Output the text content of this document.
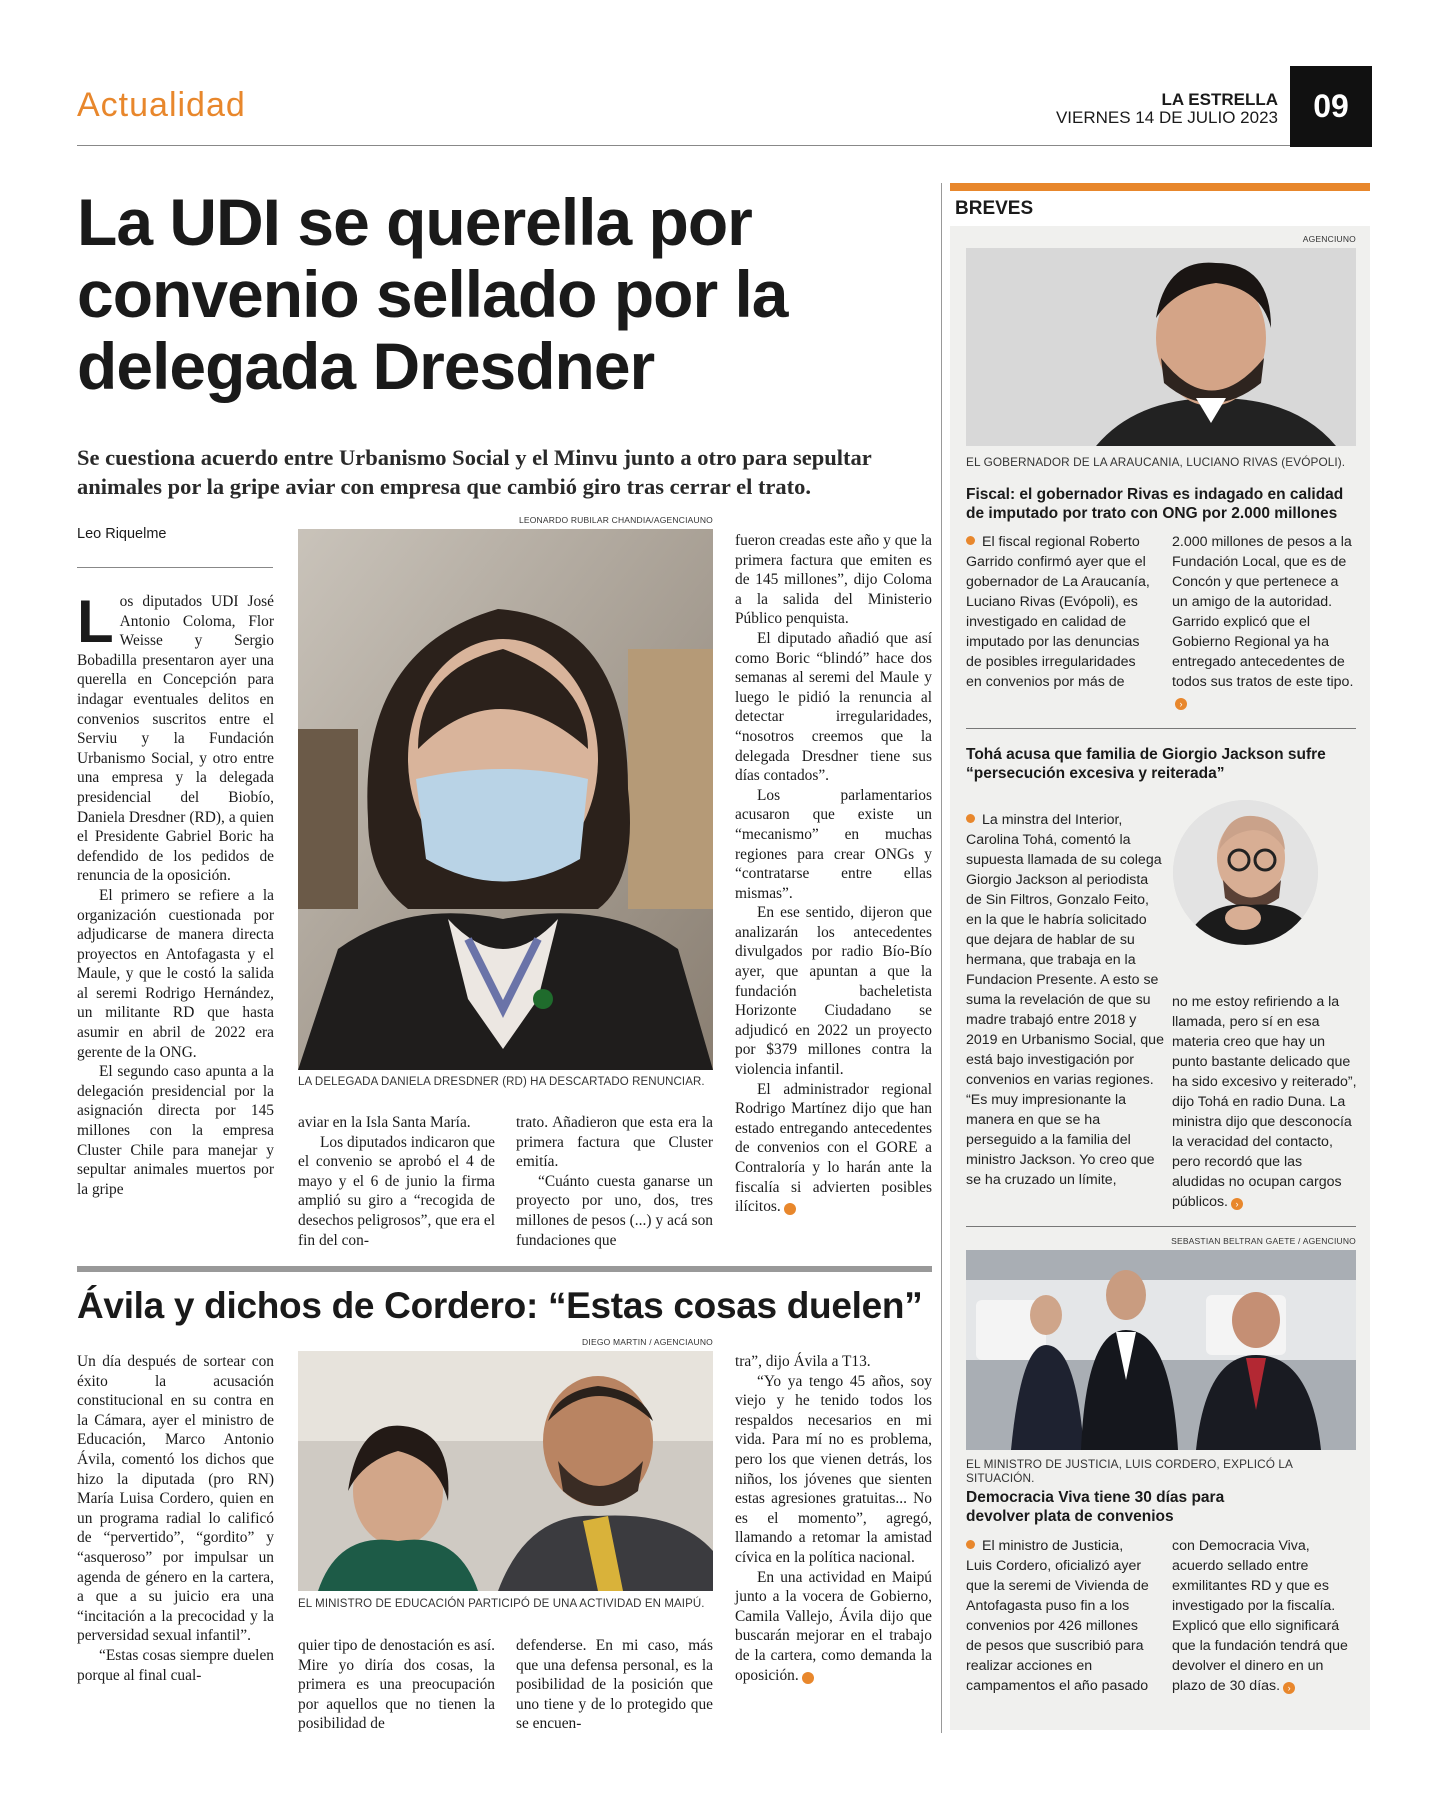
Actualidad	LA ESTRELLA
VIERNES 14 DE JULIO 2023	09
La UDI se querella por convenio sellado por la delegada Dresdner
Se cuestiona acuerdo entre Urbanismo Social y el Minvu junto a otro para sepultar animales por la gripe aviar con empresa que cambió giro tras cerrar el trato.
Leo Riquelme

Los diputados UDI José Antonio Coloma, Flor Weisse y Sergio Bobadilla presentaron ayer una querella en Concepción para indagar eventuales delitos en convenios suscritos entre el Serviu y la Fundación Urbanismo Social, y otro entre una empresa y la delegada presidencial del Biobío, Daniela Dresdner (RD), a quien el Presidente Gabriel Boric ha defendido de los pedidos de renuncia de la oposición.

El primero se refiere a la organización cuestionada por adjudicarse de manera directa proyectos en Antofagasta y el Maule, y que le costó la salida al seremi Rodrigo Hernández, un militante RD que hasta asumir en abril de 2022 era gerente de la ONG.

El segundo caso apunta a la delegación presidencial por la asignación directa por 145 millones con la empresa Cluster Chile para manejar y sepultar animales muertos por la gripe

LEONARDO RUBILAR CHANDIA/AGENCIAUNO
LA DELEGADA DANIELA DRESDNER (RD) HA DESCARTADO RENUNCIAR.

aviar en la Isla Santa María.

Los diputados indicaron que el convenio se aprobó el 4 de mayo y el 6 de junio la firma amplió su giro a “recogida de desechos peligrosos”, que era el fin del con-

trato. Añadieron que esta era la primera factura que Cluster emitía.

“Cuánto cuesta ganarse un proyecto por uno, dos, tres millones de pesos (...) y acá son fundaciones que

fueron creadas este año y que la primera factura que emiten es de 145 millones”, dijo Coloma a la salida del Ministerio Público penquista.

El diputado añadió que así como Boric “blindó” hace dos semanas al seremi del Maule y luego le pidió la renuncia al detectar irregularidades, “nosotros creemos que la delegada Dresdner tiene sus días contados”.

Los parlamentarios acusaron que existe un “mecanismo” en muchas regiones para crear ONGs y “contratarse entre ellas mismas”.

En ese sentido, dijeron que analizarán los antecedentes divulgados por radio Bío-Bío ayer, que apuntan a que la fundación bacheletista Horizonte Ciudadano se adjudicó en 2022 un proyecto por $379 millones contra la violencia infantil.

El administrador regional Rodrigo Martínez dijo que han estado entregando antecedentes de convenios con el GORE a Contraloría y lo harán ante la fiscalía si advierten posibles ilícitos.	›

Ávila y dichos de Cordero: “Estas cosas duelen”

Un día después de sortear con éxito la acusación constitucional en su contra en la Cámara, ayer el ministro de Educación, Marco Antonio Ávila, comentó los dichos que hizo la diputada (pro RN) María Luisa Cordero, quien en un programa radial lo calificó de “pervertido”, “gordito” y “asqueroso” por impulsar un agenda de género en la cartera, a que a su juicio era una “incitación a la precocidad y la perversidad sexual infantil”.

“Estas cosas siempre duelen porque al final cual-

DIEGO MARTIN / AGENCIAUNO
EL MINISTRO DE EDUCACIÓN PARTICIPÓ DE UNA ACTIVIDAD EN MAIPÚ.

quier tipo de denostación es así. Mire yo diría dos cosas, la primera es una preocupación por aquellos que no tienen la posibilidad de

defenderse. En mi caso, más que una defensa personal, es la posibilidad de la posición que uno tiene y de lo protegido que se encuen-

tra”, dijo Ávila a T13.

“Yo ya tengo 45 años, soy viejo y he tenido todos los respaldos necesarios en mi vida. Para mí no es problema, pero los que vienen detrás, los niños, los jóvenes que sienten estas agresiones gratuitas... No es el momento”, agregó, llamando a retomar la amistad cívica en la política nacional.

En una actividad en Maipú junto a la vocera de Gobierno, Camila Vallejo, Ávila dijo que buscarán mejorar en el trabajo de la cartera, como demanda la oposición.	›

BREVES
AGENCIUNO
EL GOBERNADOR DE LA ARAUCANIA, LUCIANO RIVAS (EVÓPOLI).
Fiscal: el gobernador Rivas es indagado en calidad de imputado por trato con ONG por 2.000 millones
El fiscal regional Roberto Garrido confirmó ayer que el gobernador de La Araucanía, Luciano Rivas (Evópoli), es investigado en calidad de imputado por las denuncias de posibles irregularidades en convenios por más de
2.000 millones de pesos a la Fundación Local, que es de Concón y que pertenece a un amigo de la autoridad. Garrido explicó que el Gobierno Regional ya ha entregado antecedentes de todos sus tratos de este tipo.›
Tohá acusa que familia de Giorgio Jackson sufre “persecución excesiva y reiterada”
La minstra del Interior, Carolina Tohá, comentó la supuesta llamada de su colega Giorgio Jackson al periodista de Sin Filtros, Gonzalo Feito, en la que le habría solicitado que dejara de hablar de su hermana, que trabaja en la Fundacion Presente. A esto se suma la revelación de que su madre trabajó entre 2018 y 2019 en Urbanismo Social, que está bajo investigación por convenios en varias regiones. “Es muy impresionante la manera en que se ha perseguido a la familia del ministro Jackson. Yo creo que se ha cruzado un límite,
no me estoy refiriendo a la llamada, pero sí en esa materia creo que hay un punto bastante delicado que ha sido excesivo y reiterado”, dijo Tohá en radio Duna. La ministra dijo que desconocía la veracidad del contacto, pero recordó que las aludidas no ocupan cargos públicos. ›
SEBASTIAN BELTRAN GAETE / AGENCIUNO
EL MINISTRO DE JUSTICIA, LUIS CORDERO, EXPLICÓ LA SITUACIÓN.
Democracia Viva tiene 30 días para devolver plata de convenios
El ministro de Justicia, Luis Cordero, oficializó ayer que la seremi de Vivienda de Antofagasta puso fin a los convenios por 426 millones de pesos que suscribió para realizar acciones en campamentos el año pasado
con Democracia Viva, acuerdo sellado entre exmilitantes RD y que es investigado por la fiscalía. Explicó que ello significará que la fundación tendrá que devolver el dinero en un plazo de 30 días. ›
